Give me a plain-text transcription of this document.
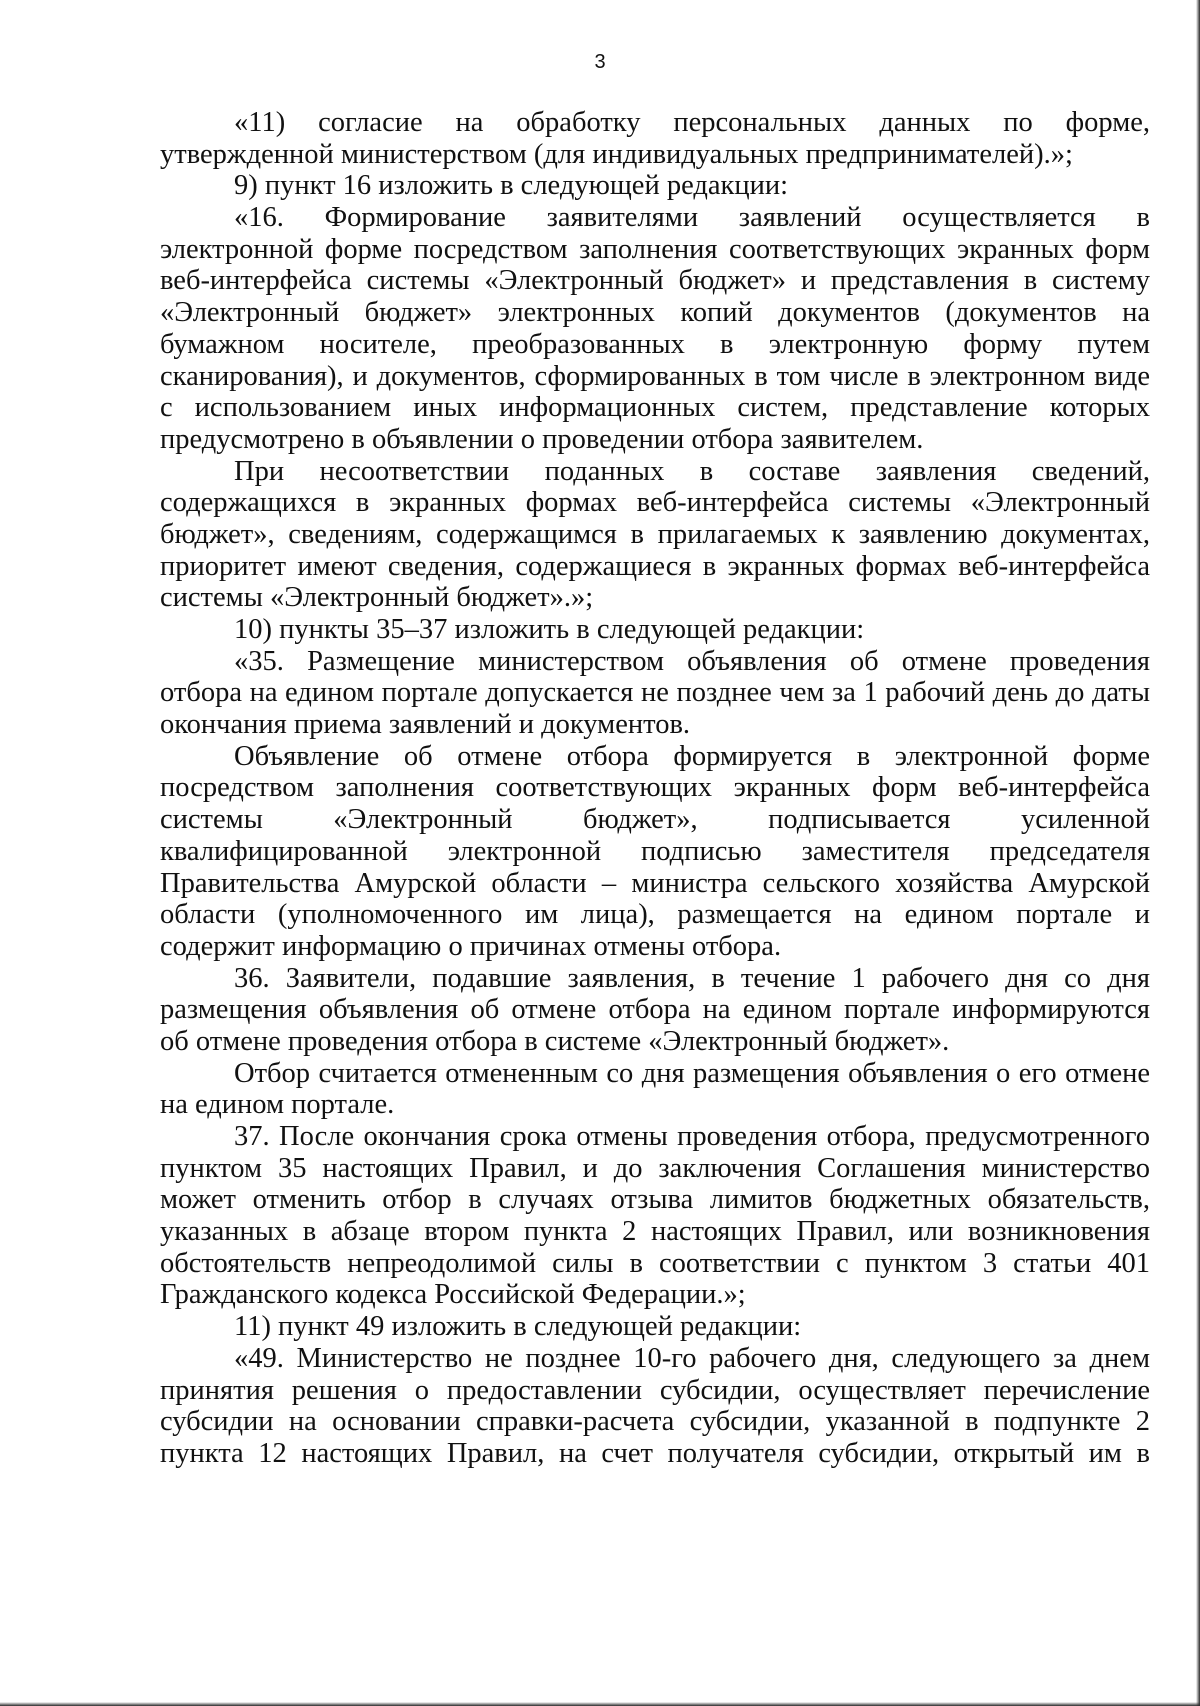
3
«11) согласие на обработку персональных данных по форме,
утвержденной министерством (для индивидуальных предпринимателей).»;
9) пункт 16 изложить в следующей редакции:
«16. Формирование заявителями заявлений осуществляется в
электронной форме посредством заполнения соответствующих экранных форм
веб-интерфейса системы «Электронный бюджет» и представления в систему
«Электронный бюджет» электронных копий документов (документов на
бумажном носителе, преобразованных в электронную форму путем
сканирования), и документов, сформированных в том числе в электронном виде
с использованием иных информационных систем, представление которых
предусмотрено в объявлении о проведении отбора заявителем.
При несоответствии поданных в составе заявления сведений,
содержащихся в экранных формах веб-интерфейса системы «Электронный
бюджет», сведениям, содержащимся в прилагаемых к заявлению документах,
приоритет имеют сведения, содержащиеся в экранных формах веб-интерфейса
системы «Электронный бюджет».»;
10) пункты 35–37 изложить в следующей редакции:
«35. Размещение министерством объявления об отмене проведения
отбора на едином портале допускается не позднее чем за 1 рабочий день до даты
окончания приема заявлений и документов.
Объявление об отмене отбора формируется в электронной форме
посредством заполнения соответствующих экранных форм веб-интерфейса
системы «Электронный бюджет», подписывается усиленной
квалифицированной электронной подписью заместителя председателя
Правительства Амурской области – министра сельского хозяйства Амурской
области (уполномоченного им лица), размещается на едином портале и
содержит информацию о причинах отмены отбора.
36. Заявители, подавшие заявления, в течение 1 рабочего дня со дня
размещения объявления об отмене отбора на едином портале информируются
об отмене проведения отбора в системе «Электронный бюджет».
Отбор считается отмененным со дня размещения объявления о его отмене
на едином портале.
37. После окончания срока отмены проведения отбора, предусмотренного
пунктом 35 настоящих Правил, и до заключения Соглашения министерство
может отменить отбор в случаях отзыва лимитов бюджетных обязательств,
указанных в абзаце втором пункта 2 настоящих Правил, или возникновения
обстоятельств непреодолимой силы в соответствии с пунктом 3 статьи 401
Гражданского кодекса Российской Федерации.»;
11) пункт 49 изложить в следующей редакции:
«49. Министерство не позднее 10-го рабочего дня, следующего за днем
принятия решения о предоставлении субсидии, осуществляет перечисление
субсидии на основании справки-расчета субсидии, указанной в подпункте 2
пункта 12 настоящих Правил, на счет получателя субсидии, открытый им в
